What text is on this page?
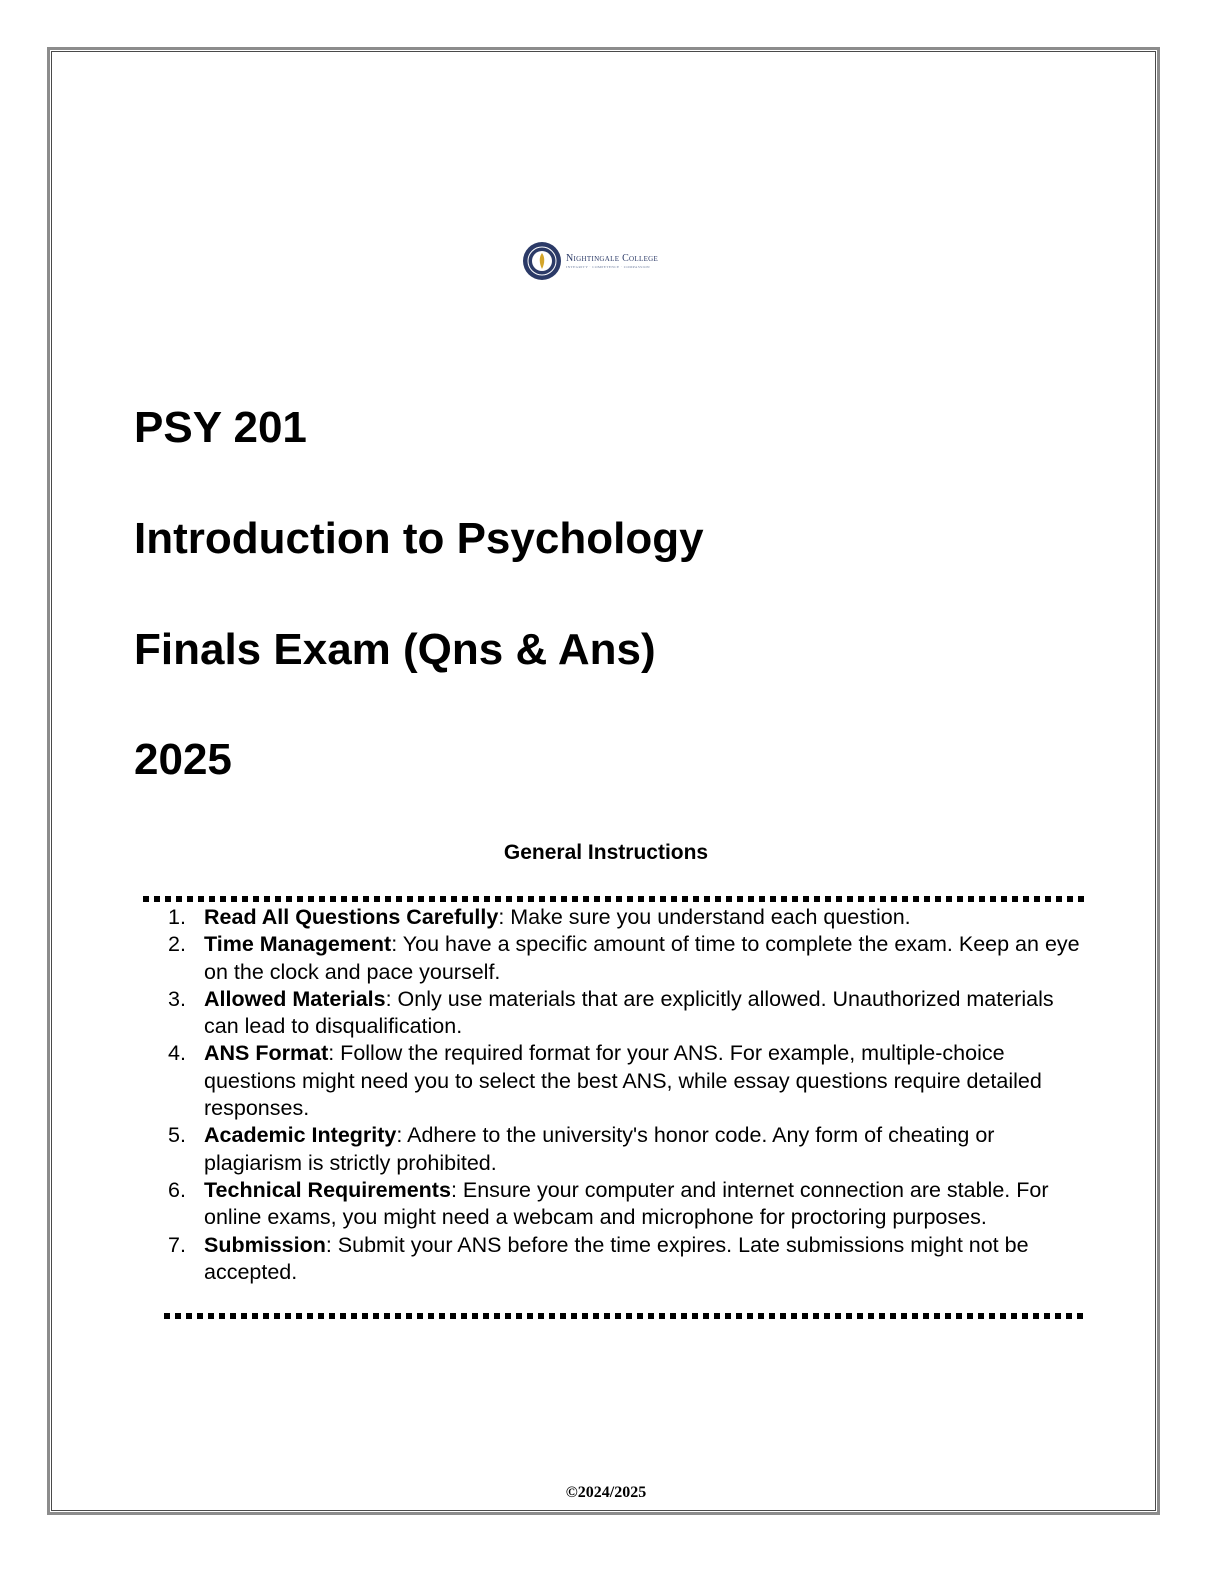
Nightingale College
INTEGRITY · COMPETENCE · COMPASSION
PSY 201
Introduction to Psychology
Finals Exam (Qns & Ans)
2025
General Instructions
1. Read All Questions Carefully: Make sure you understand each question.
2. Time Management: You have a specific amount of time to complete the exam. Keep an eye on the clock and pace yourself.
3. Allowed Materials: Only use materials that are explicitly allowed. Unauthorized materials can lead to disqualification.
4. ANS Format: Follow the required format for your ANS. For example, multiple-choice questions might need you to select the best ANS, while essay questions require detailed responses.
5. Academic Integrity: Adhere to the university's honor code. Any form of cheating or plagiarism is strictly prohibited.
6. Technical Requirements: Ensure your computer and internet connection are stable. For online exams, you might need a webcam and microphone for proctoring purposes.
7. Submission: Submit your ANS before the time expires. Late submissions might not be accepted.
©2024/2025
